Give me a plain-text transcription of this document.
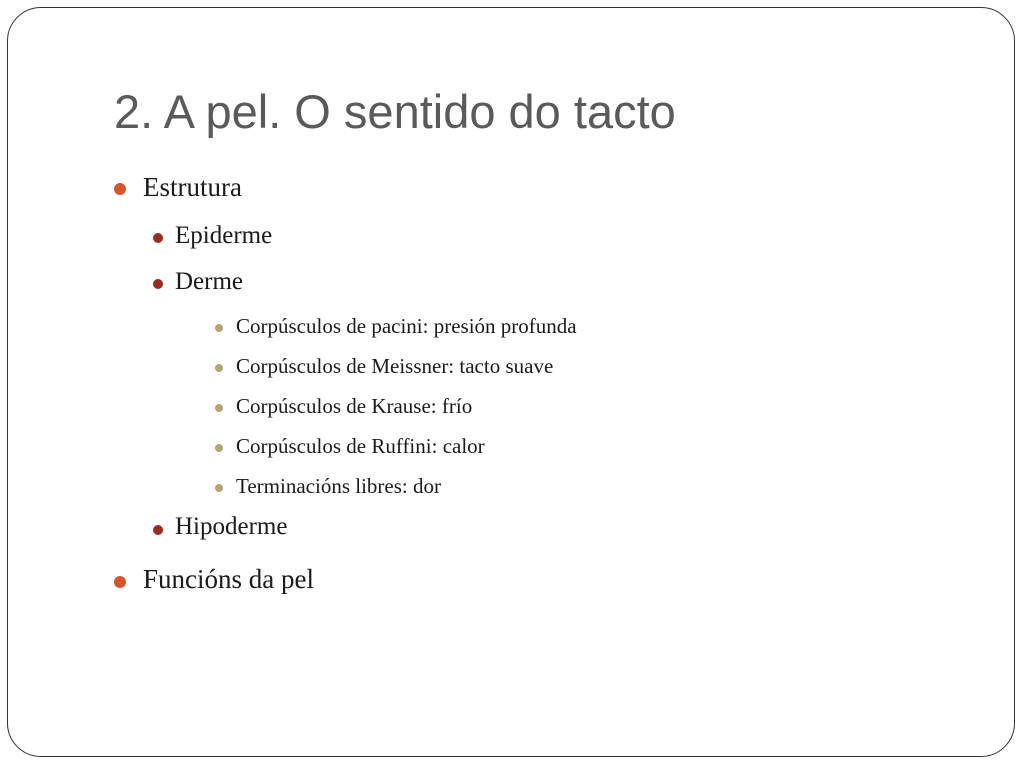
2. A pel. O sentido do tacto
Estrutura
Epiderme
Derme
Corpúsculos de pacini: presión profunda
Corpúsculos de Meissner: tacto suave
Corpúsculos de Krause: frío
Corpúsculos de Ruffini: calor
Terminacións libres: dor
Hipoderme
Funcións da pel
